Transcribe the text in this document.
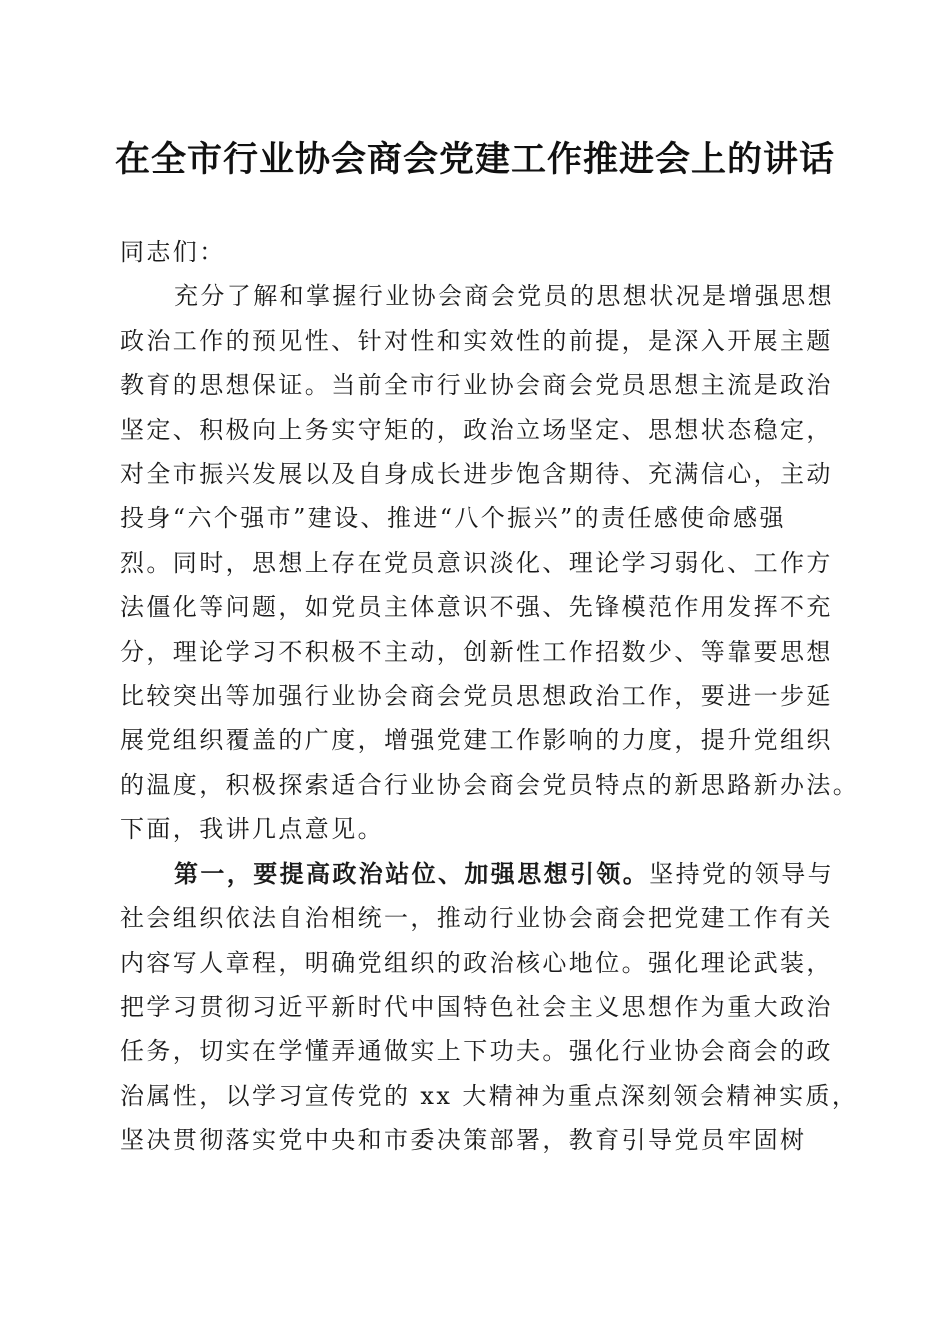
在全市行业协会商会党建工作推进会上的讲话
同志们：
充分了解和掌握行业协会商会党员的思想状况是增强思想
政治工作的预见性、针对性和实效性的前提，是深入开展主题
教育的思想保证。当前全市行业协会商会党员思想主流是政治
坚定、积极向上务实守矩的，政治立场坚定、思想状态稳定，
对全市振兴发展以及自身成长进步饱含期待、充满信心，主动
投身“六个强市”建设、推进“八个振兴”的责任感使命感强
烈。同时，思想上存在党员意识淡化、理论学习弱化、工作方
法僵化等问题，如党员主体意识不强、先锋模范作用发挥不充
分，理论学习不积极不主动，创新性工作招数少、等靠要思想
比较突出等加强行业协会商会党员思想政治工作，要进一步延
展党组织覆盖的广度，增强党建工作影响的力度，提升党组织
的温度，积极探索适合行业协会商会党员特点的新思路新办法。
下面，我讲几点意见。
第一，要提高政治站位、加强思想引领。坚持党的领导与
社会组织依法自治相统一，推动行业协会商会把党建工作有关
内容写人章程，明确党组织的政治核心地位。强化理论武装，
把学习贯彻习近平新时代中国特色社会主义思想作为重大政治
任务，切实在学懂弄通做实上下功夫。强化行业协会商会的政
治属性，以学习宣传党的 xx 大精神为重点深刻领会精神实质，
坚决贯彻落实党中央和市委决策部署，教育引导党员牢固树
